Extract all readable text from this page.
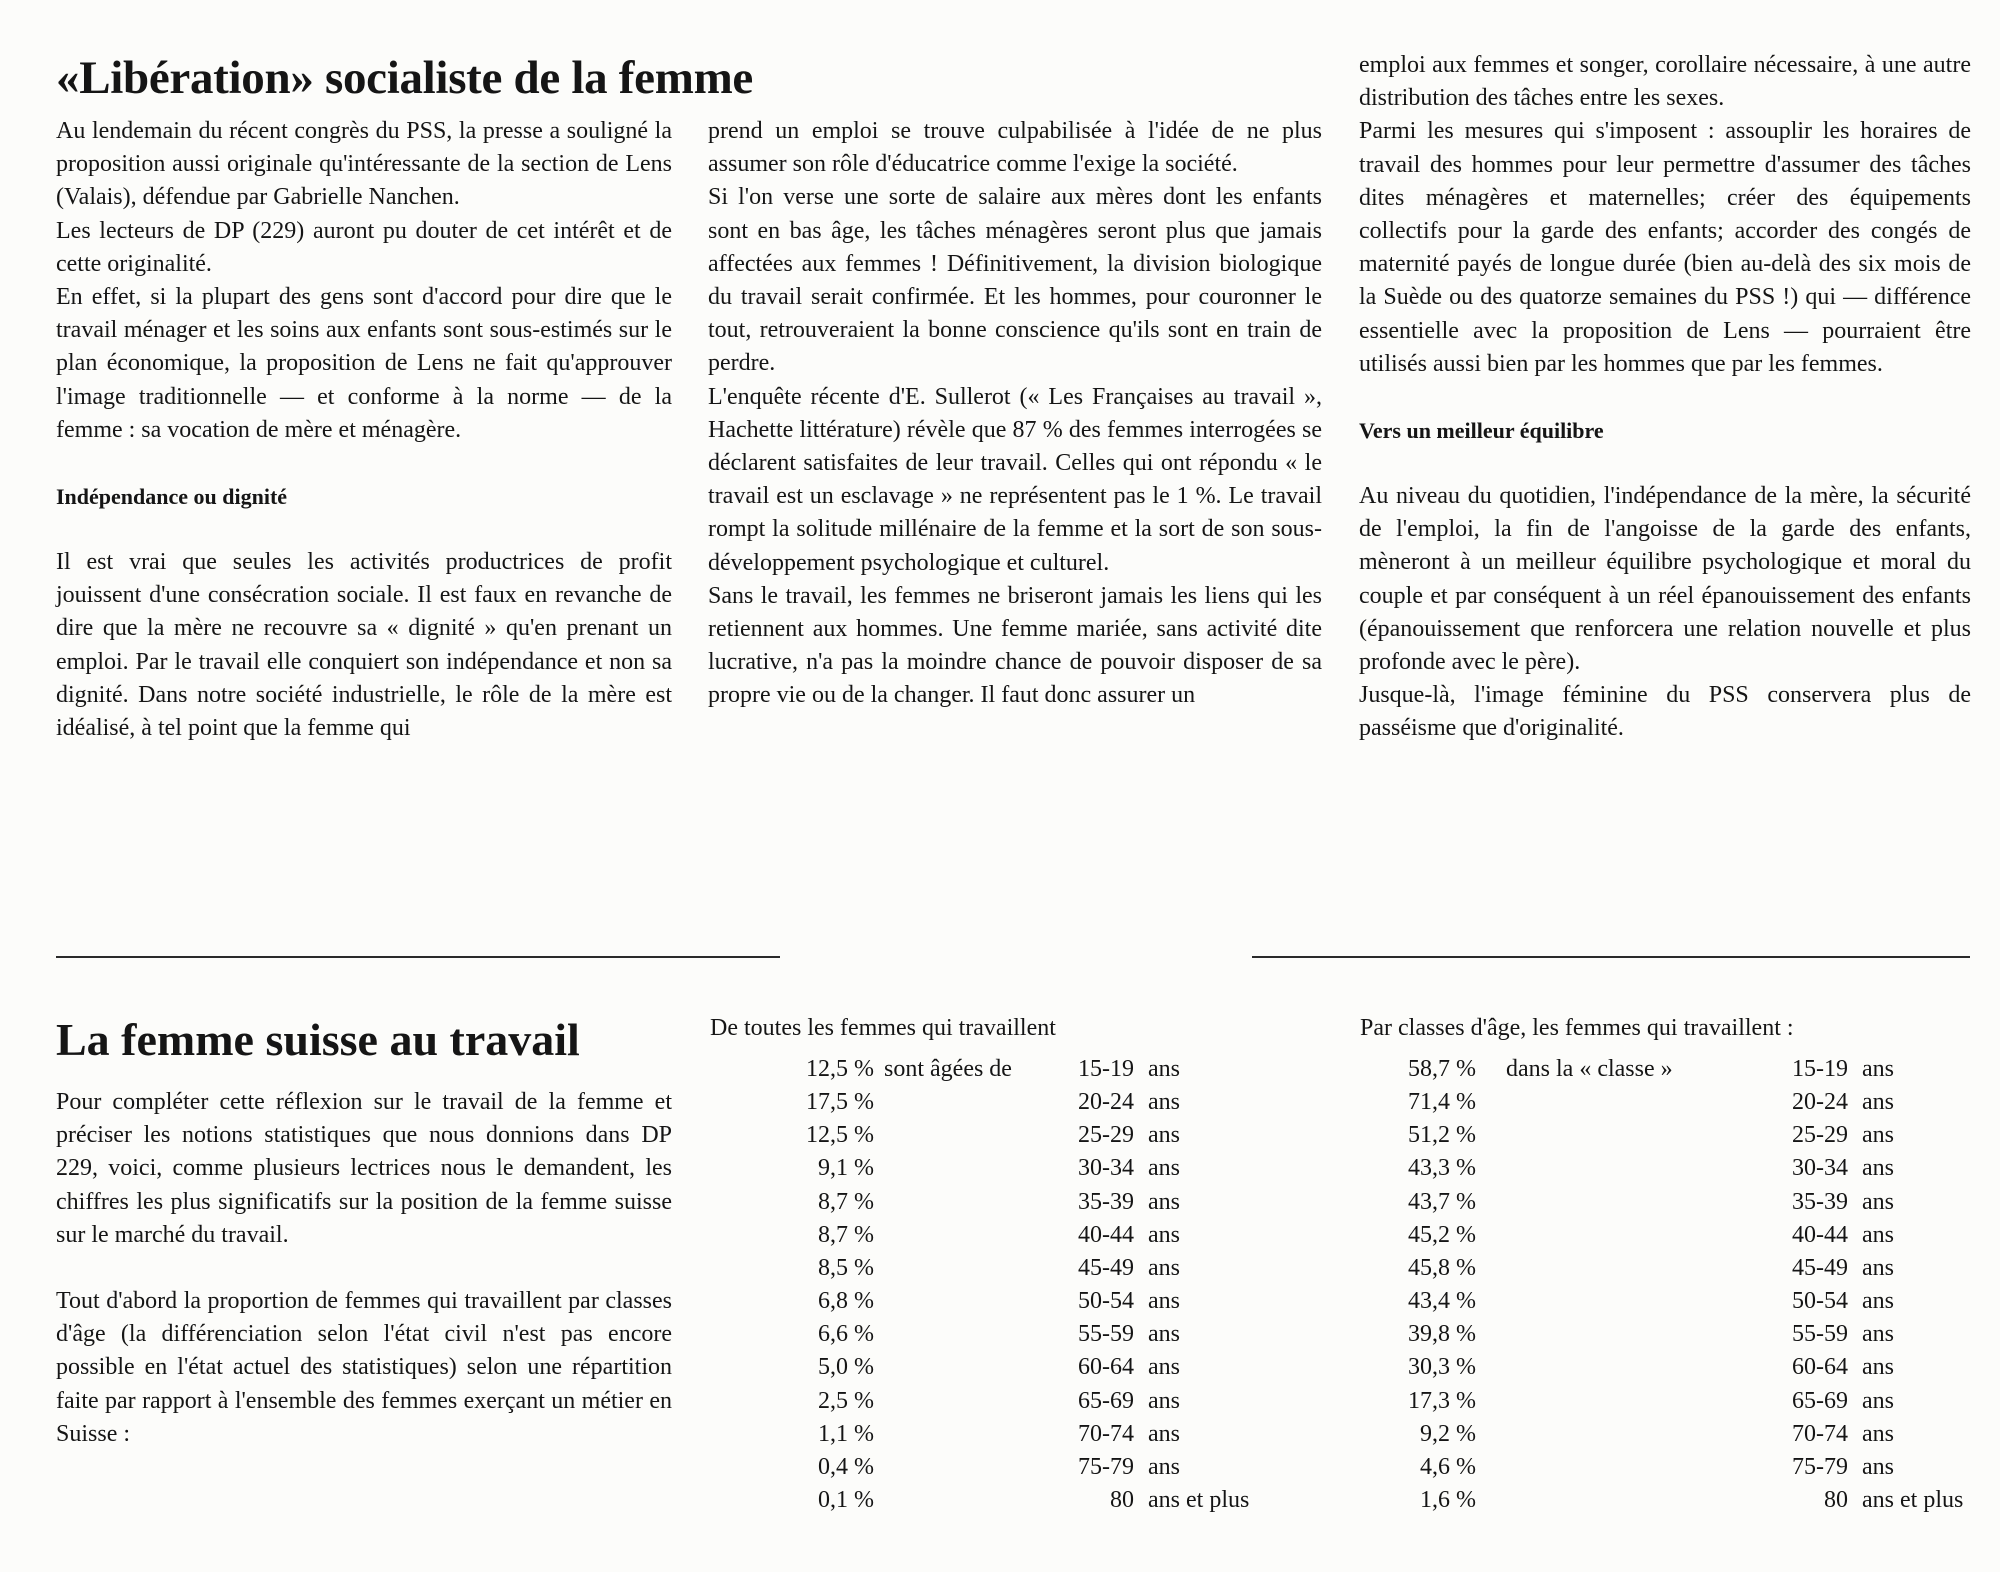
«Libération» socialiste de la femme

Au lendemain du récent congrès du PSS, la presse a souligné la proposition aussi originale qu'intéressante de la section de Lens (Valais), défendue par Gabrielle Nanchen.

Les lecteurs de DP (229) auront pu douter de cet intérêt et de cette originalité.

En effet, si la plupart des gens sont d'accord pour dire que le travail ménager et les soins aux enfants sont sous-estimés sur le plan économique, la proposition de Lens ne fait qu'approuver l'image traditionnelle — et conforme à la norme — de la femme : sa vocation de mère et ménagère.

Indépendance ou dignité

Il est vrai que seules les activités productrices de profit jouissent d'une consécration sociale. Il est faux en revanche de dire que la mère ne recouvre sa « dignité » qu'en prenant un emploi. Par le travail elle conquiert son indépendance et non sa dignité. Dans notre société industrielle, le rôle de la mère est idéalisé, à tel point que la femme qui

prend un emploi se trouve culpabilisée à l'idée de ne plus assumer son rôle d'éducatrice comme l'exige la société.

Si l'on verse une sorte de salaire aux mères dont les enfants sont en bas âge, les tâches ménagères seront plus que jamais affectées aux femmes ! Définitivement, la division biologique du travail serait confirmée. Et les hommes, pour couronner le tout, retrouveraient la bonne conscience qu'ils sont en train de perdre.

L'enquête récente d'E. Sullerot (« Les Françaises au travail », Hachette littérature) révèle que 87 % des femmes interrogées se déclarent satisfaites de leur travail. Celles qui ont répondu « le travail est un esclavage » ne représentent pas le 1 %. Le travail rompt la solitude millénaire de la femme et la sort de son sous-développement psychologique et culturel.

Sans le travail, les femmes ne briseront jamais les liens qui les retiennent aux hommes. Une femme mariée, sans activité dite lucrative, n'a pas la moindre chance de pouvoir disposer de sa propre vie ou de la changer. Il faut donc assurer un

emploi aux femmes et songer, corollaire nécessaire, à une autre distribution des tâches entre les sexes.

Parmi les mesures qui s'imposent : assouplir les horaires de travail des hommes pour leur permettre d'assumer des tâches dites ménagères et maternelles; créer des équipements collectifs pour la garde des enfants; accorder des congés de maternité payés de longue durée (bien au-delà des six mois de la Suède ou des quatorze semaines du PSS !) qui — différence essentielle avec la proposition de Lens — pourraient être utilisés aussi bien par les hommes que par les femmes.

Vers un meilleur équilibre

Au niveau du quotidien, l'indépendance de la mère, la sécurité de l'emploi, la fin de l'angoisse de la garde des enfants, mèneront à un meilleur équilibre psychologique et moral du couple et par conséquent à un réel épanouissement des enfants (épanouissement que renforcera une relation nouvelle et plus profonde avec le père).

Jusque-là, l'image féminine du PSS conservera plus de passéisme que d'originalité.

La femme suisse au travail

Pour compléter cette réflexion sur le travail de la femme et préciser les notions statistiques que nous donnions dans DP 229, voici, comme plusieurs lectrices nous le demandent, les chiffres les plus significatifs sur la position de la femme suisse sur le marché du travail.

Tout d'abord la proportion de femmes qui travaillent par classes d'âge (la différenciation selon l'état civil n'est pas encore possible en l'état actuel des statistiques) selon une répartition faite par rapport à l'ensemble des femmes exerçant un métier en Suisse :

De toutes les femmes qui travaillent
12,5 % sont âgées de	15-19 ans
17,5 %	20-24 ans
12,5 %	25-29 ans
9,1 %	30-34 ans
8,7 %	35-39 ans
8,7 %	40-44 ans
8,5 %	45-49 ans
6,8 %	50-54 ans
6,6 %	55-59 ans
5,0 %	60-64 ans
2,5 %	65-69 ans
1,1 %	70-74 ans
0,4 %	75-79 ans
0,1 %	80 ans et plus
Par classes d'âge, les femmes qui travaillent :
58,7 % dans la « classe »	15-19 ans
71,4 %	20-24 ans
51,2 %	25-29 ans
43,3 %	30-34 ans
43,7 %	35-39 ans
45,2 %	40-44 ans
45,8 %	45-49 ans
43,4 %	50-54 ans
39,8 %	55-59 ans
30,3 %	60-64 ans
17,3 %	65-69 ans
9,2 %	70-74 ans
4,6 %	75-79 ans
1,6 %	80 ans et plus
